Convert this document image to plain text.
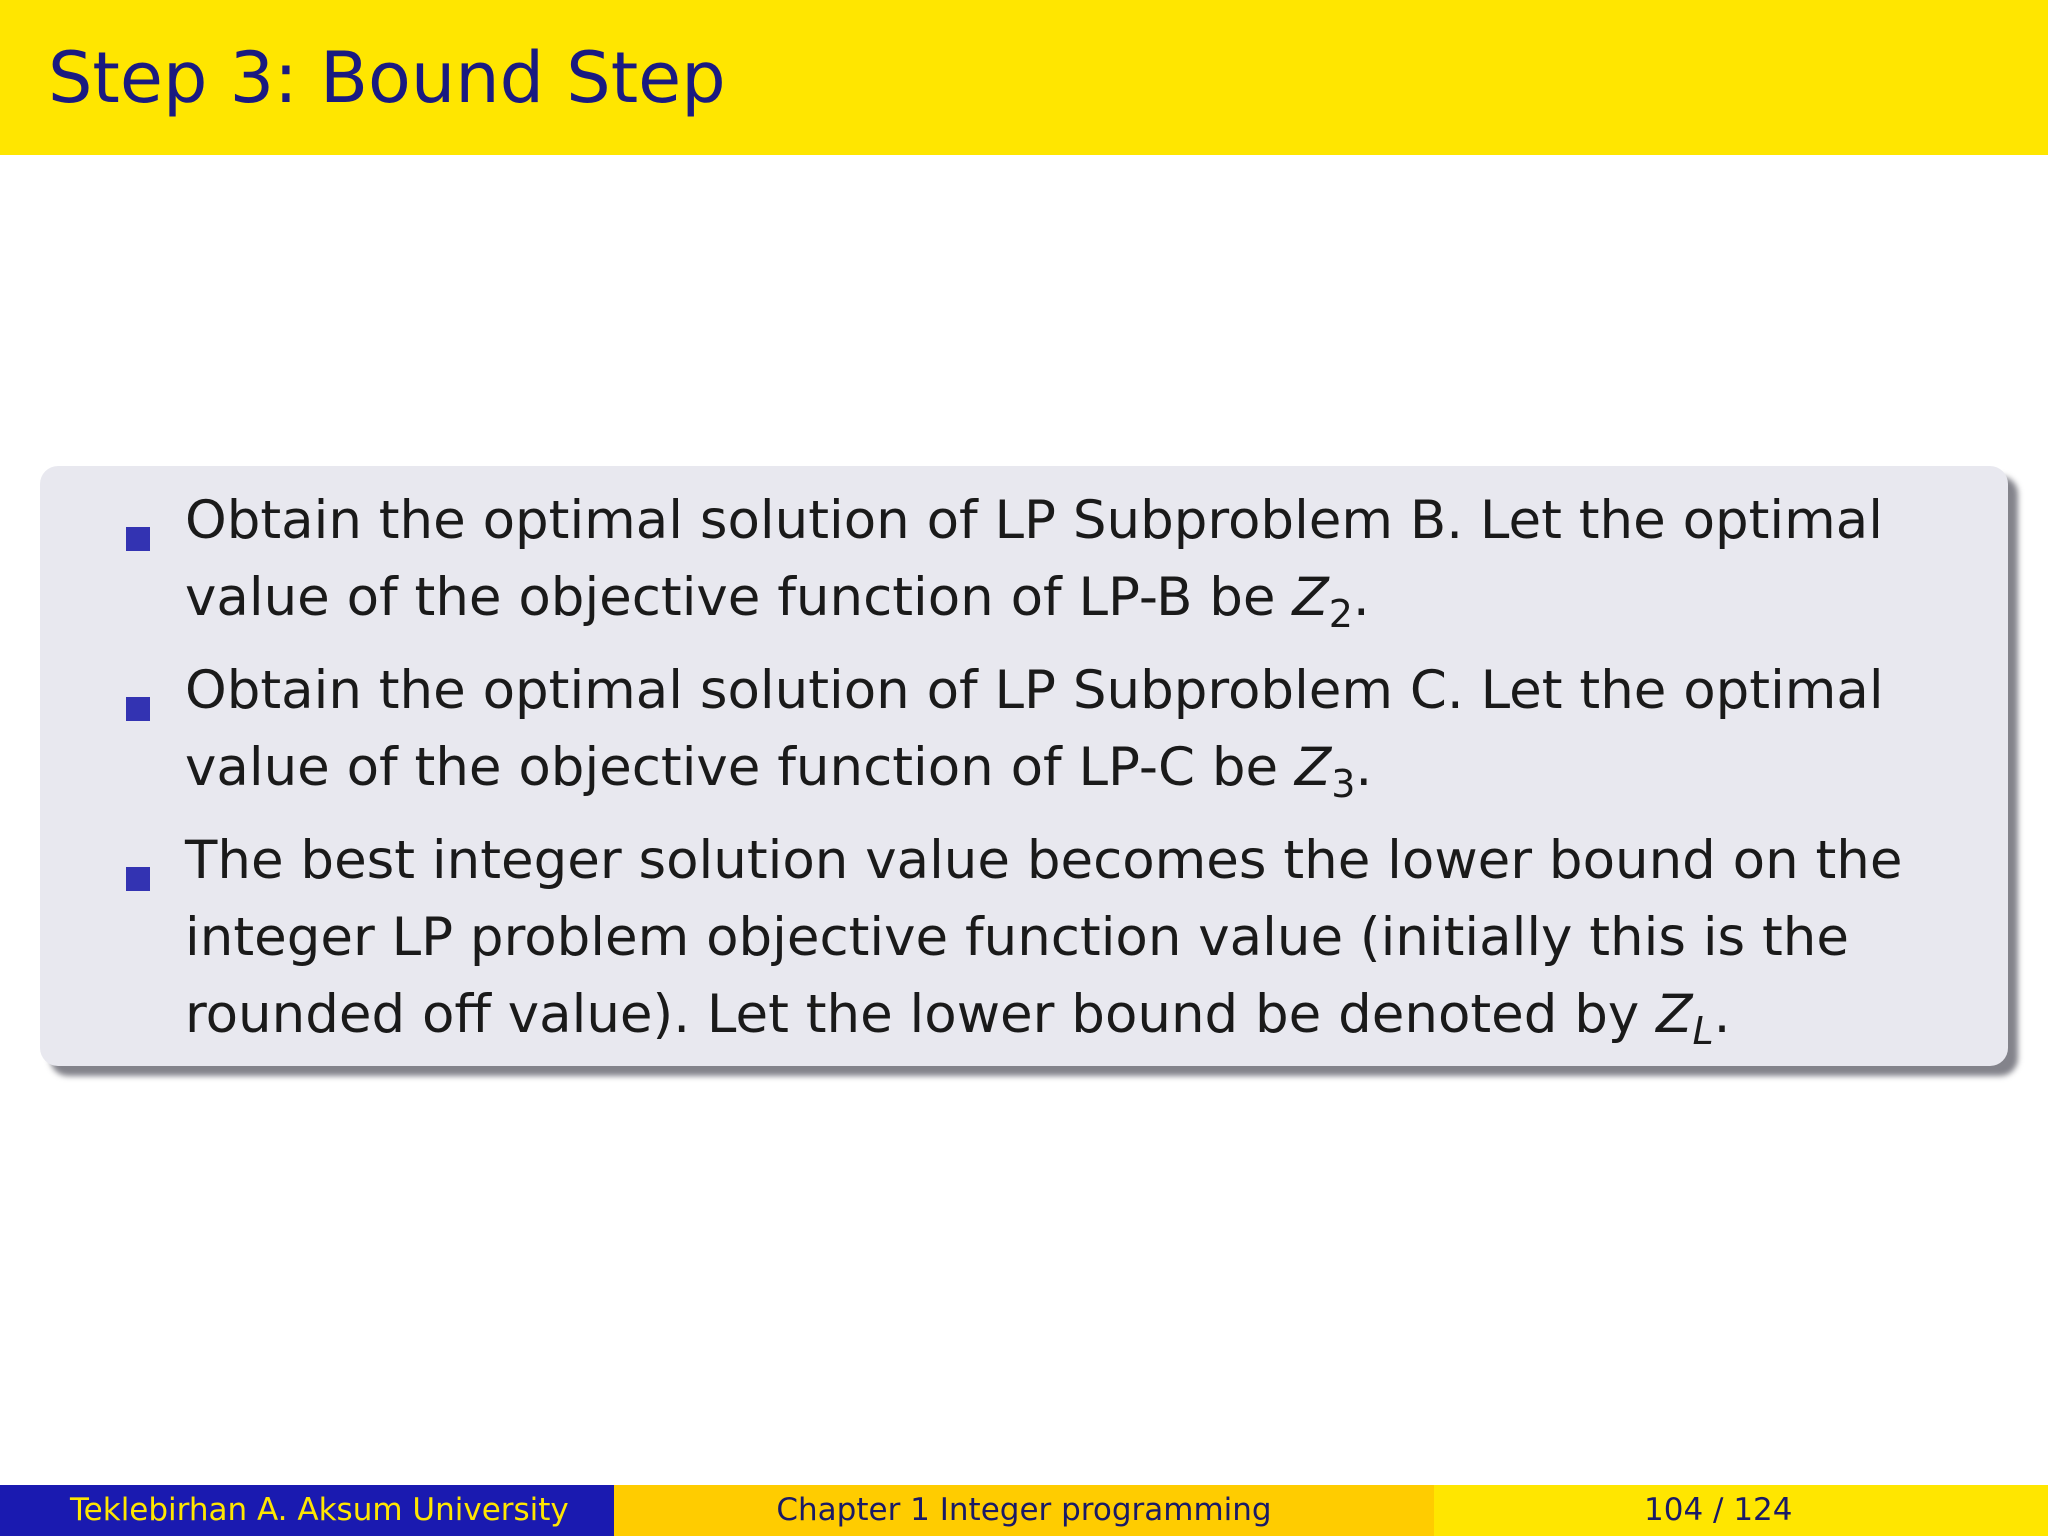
Step 3: Bound Step
Obtain the optimal solution of LP Subproblem B. Let the optimal
value of the objective function of LP-B be $Z_2$.
Obtain the optimal solution of LP Subproblem C. Let the optimal
value of the objective function of LP-C be $Z_3$.
The best integer solution value becomes the lower bound on the
integer LP problem objective function value (initially this is the
rounded off value). Let the lower bound be denoted by $Z_L$.
Teklebirhan A. Aksum University	Chapter 1 Integer programming	104 / 124
